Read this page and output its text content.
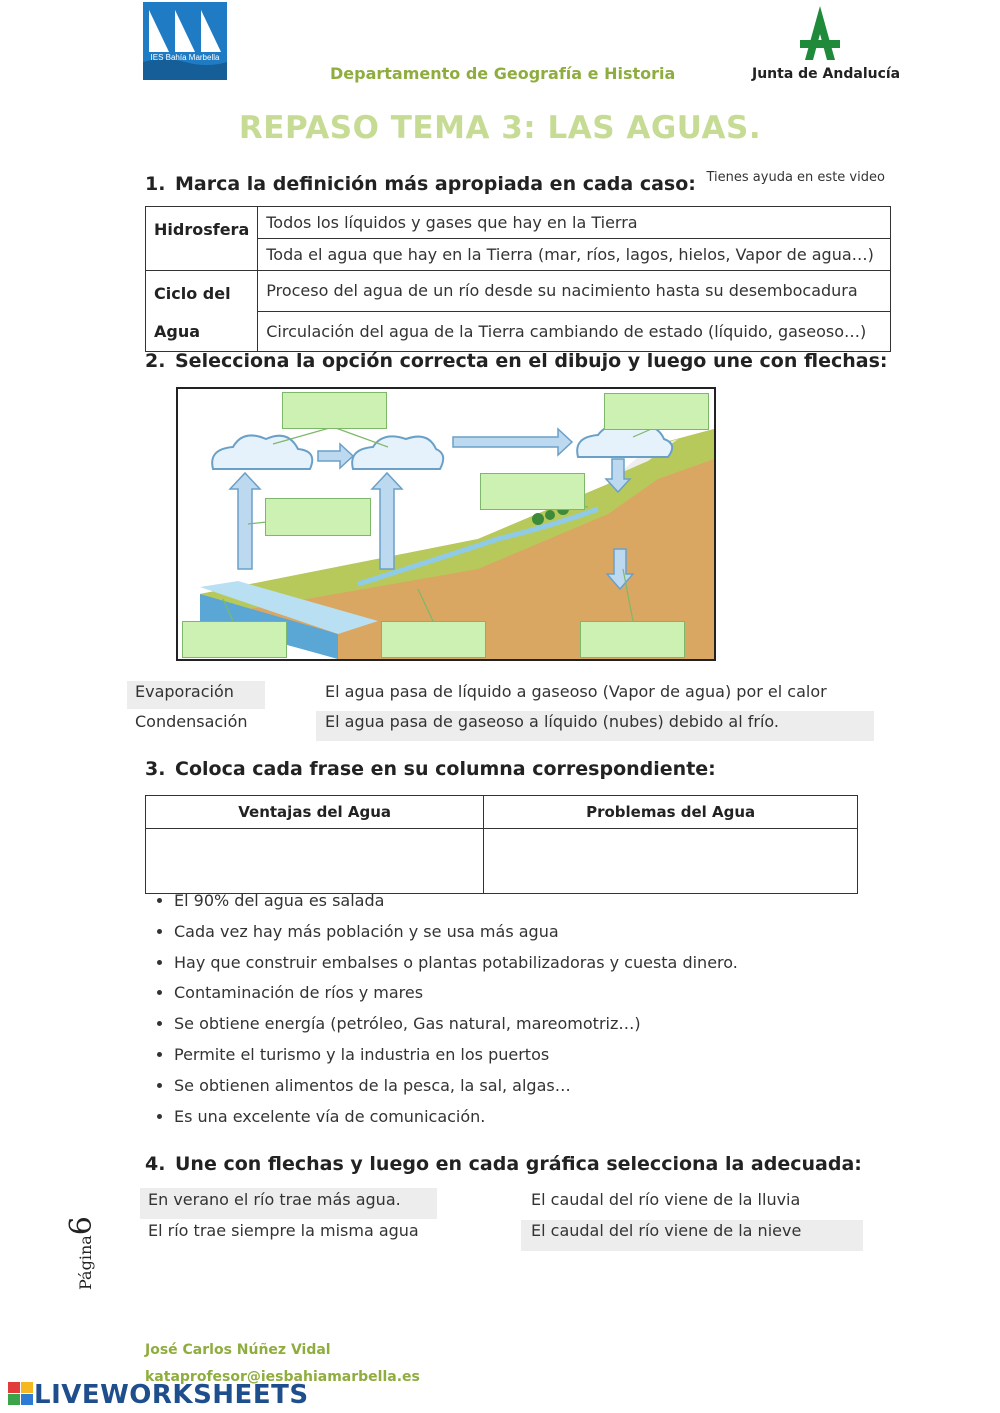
IES Bahía Marbella
Departamento de Geografía e Historia	Junta de Andalucía
REPASO TEMA 3: LAS AGUAS.
1. Marca la definición más apropiada en cada caso: $^{Tienes ayuda en este video}$
Hidrosfera	Todos los líquidos y gases que hay en la Tierra
	Toda el agua que hay en la Tierra (mar, ríos, lagos, hielos, Vapor de agua…)

Ciclo del
Agua	Proceso del agua de un río desde su nacimiento hasta su desembocadura
	Circulación del agua de la Tierra cambiando de estado (líquido, gaseoso…)
2. Selecciona la opción correcta en el dibujo y luego une con flechas:
Evaporación
Condensación
El agua pasa de líquido a gaseoso (Vapor de agua) por el calor
El agua pasa de gaseoso a líquido (nubes) debido al frío.
3. Coloca cada frase en su columna correspondiente:
Ventajas del Agua	Problemas del Agua

• El 90% del agua es salada
• Cada vez hay más población y se usa más agua
• Hay que construir embalses o plantas potabilizadoras y cuesta dinero.
• Contaminación de ríos y mares
• Se obtiene energía (petróleo, Gas natural, mareomotriz…)
• Permite el turismo y la industria en los puertos
• Se obtienen alimentos de la pesca, la sal, algas…
• Es una excelente vía de comunicación.
4. Une con flechas y luego en cada gráfica selecciona la adecuada:
En verano el río trae más agua.
El río trae siempre la misma agua
El caudal del río viene de la lluvia
El caudal del río viene de la nieve
Página6
José Carlos Núñez Vidal
kataprofesor@iesbahiamarbella.es
LIVEWORKSHEETS
